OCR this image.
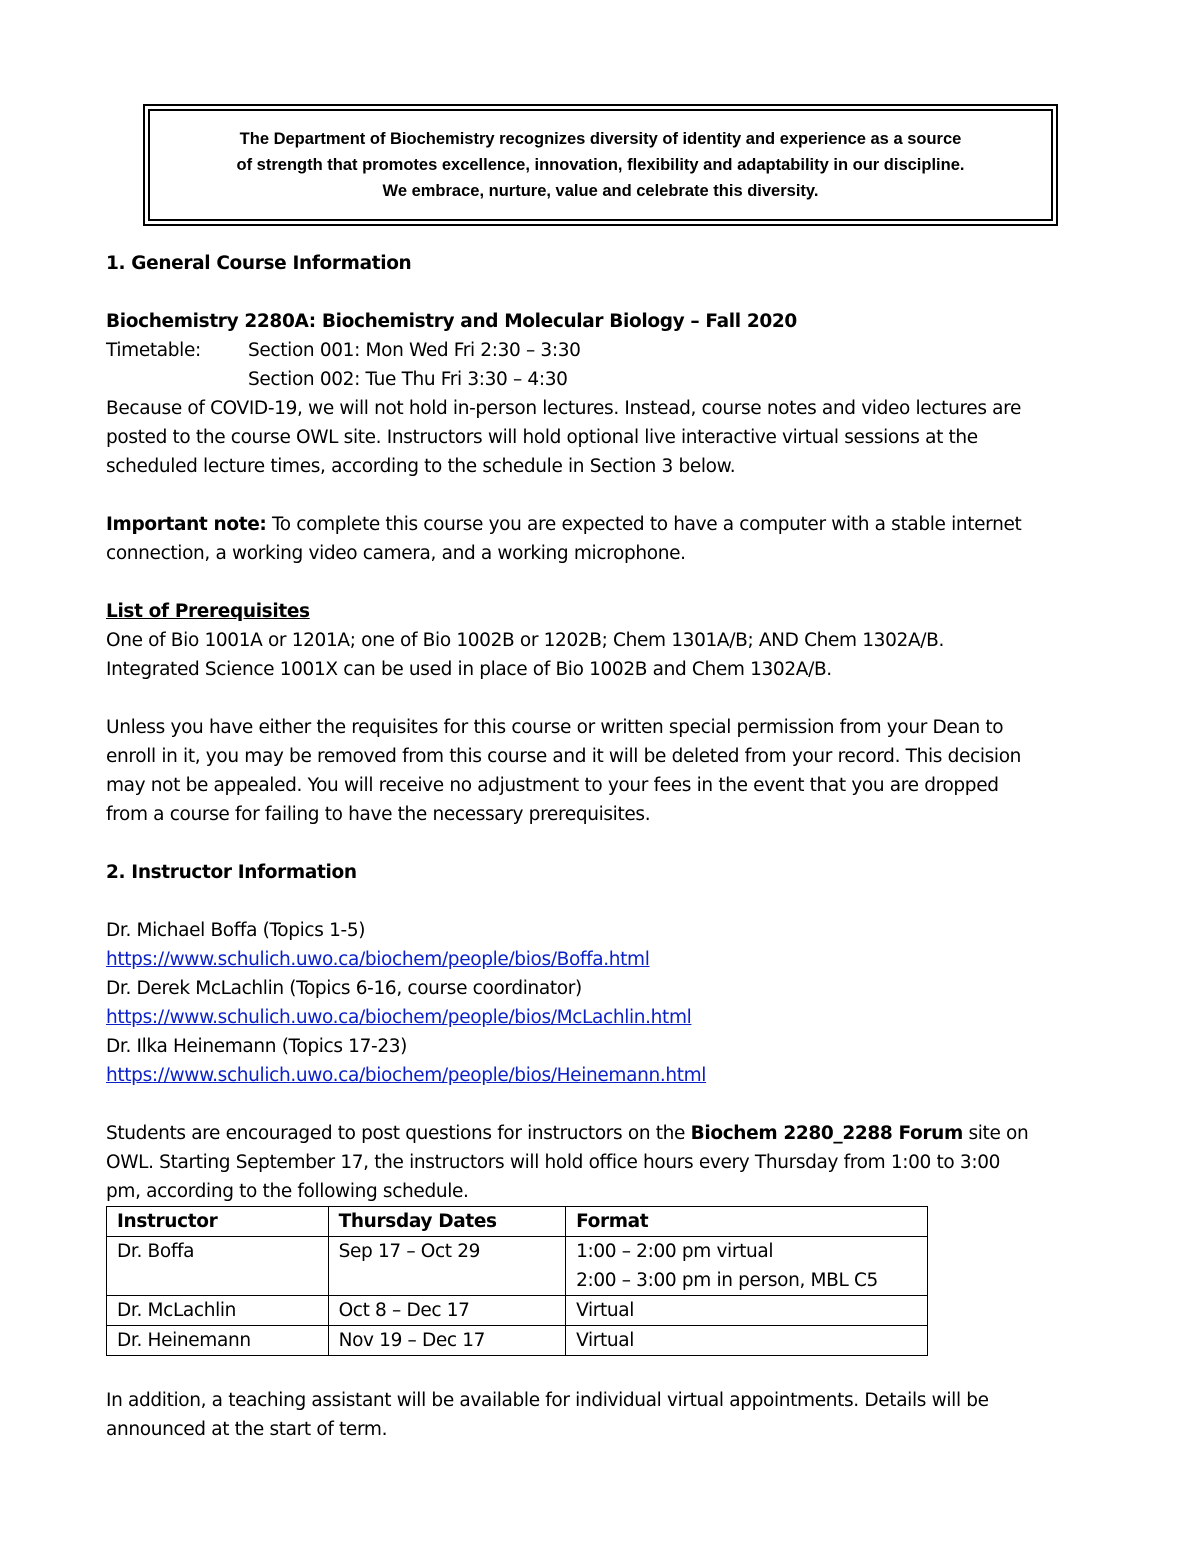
The Department of Biochemistry recognizes diversity of identity and experience as a source
of strength that promotes excellence, innovation, flexibility and adaptability in our discipline.
We embrace, nurture, value and celebrate this diversity.
1. General Course Information
Biochemistry 2280A: Biochemistry and Molecular Biology – Fall 2020
Timetable:	Section 001: Mon Wed Fri 2:30 – 3:30
Section 002: Tue Thu Fri 3:30 – 4:30
Because of COVID-19, we will not hold in-person lectures. Instead, course notes and video lectures are
posted to the course OWL site. Instructors will hold optional live interactive virtual sessions at the
scheduled lecture times, according to the schedule in Section 3 below.
Important note: To complete this course you are expected to have a computer with a stable internet
connection, a working video camera, and a working microphone.
List of Prerequisites
One of Bio 1001A or 1201A; one of Bio 1002B or 1202B; Chem 1301A/B; AND Chem 1302A/B.
Integrated Science 1001X can be used in place of Bio 1002B and Chem 1302A/B.
Unless you have either the requisites for this course or written special permission from your Dean to
enroll in it, you may be removed from this course and it will be deleted from your record. This decision
may not be appealed. You will receive no adjustment to your fees in the event that you are dropped
from a course for failing to have the necessary prerequisites.
2. Instructor Information
Dr. Michael Boffa (Topics 1-5)
https://www.schulich.uwo.ca/biochem/people/bios/Boffa.html
Dr. Derek McLachlin (Topics 6-16, course coordinator)
https://www.schulich.uwo.ca/biochem/people/bios/McLachlin.html
Dr. Ilka Heinemann (Topics 17-23)
https://www.schulich.uwo.ca/biochem/people/bios/Heinemann.html
Students are encouraged to post questions for instructors on the Biochem 2280_2288 Forum site on
OWL. Starting September 17, the instructors will hold office hours every Thursday from 1:00 to 3:00
pm, according to the following schedule.
Instructor	Thursday Dates	Format
Dr. Boffa	Sep 17 – Oct 29	1:00 – 2:00 pm virtual
2:00 – 3:00 pm in person, MBL C5

Dr. McLachlin	Oct 8 – Dec 17	Virtual
Dr. Heinemann	Nov 19 – Dec 17	Virtual
In addition, a teaching assistant will be available for individual virtual appointments. Details will be
announced at the start of term.
